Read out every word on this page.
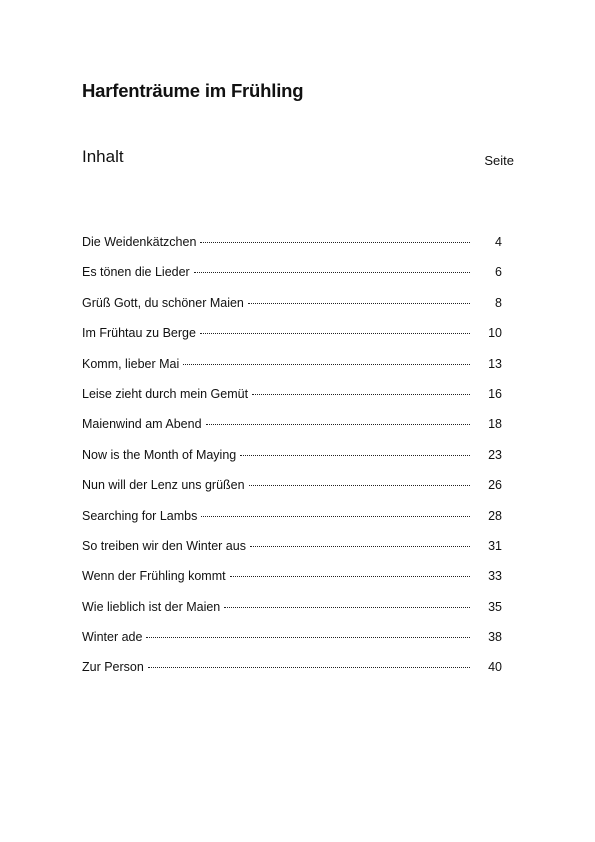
Harfenträume im Frühling
Inhalt	Seite
Die Weidenkätzchen	4
Es tönen die Lieder	6
Grüß Gott, du schöner Maien	8
Im Frühtau zu Berge	10
Komm, lieber Mai	13
Leise zieht durch mein Gemüt	16
Maienwind am Abend	18
Now is the Month of Maying	23
Nun will der Lenz uns grüßen	26
Searching for Lambs	28
So treiben wir den Winter aus	31
Wenn der Frühling kommt	33
Wie lieblich ist der Maien	35
Winter ade	38
Zur Person	40
